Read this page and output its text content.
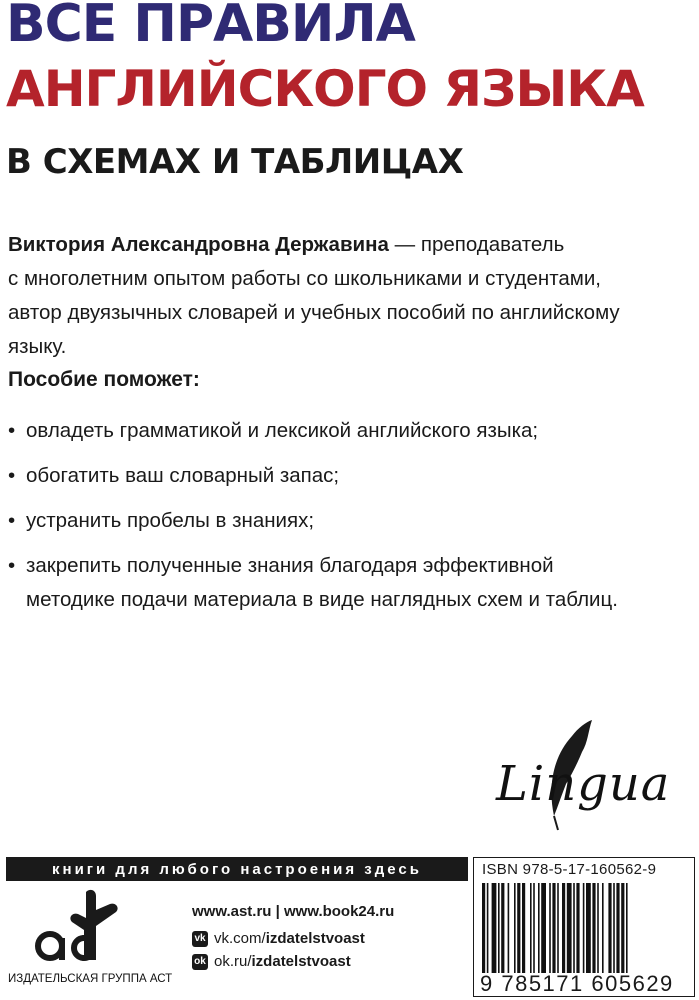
ВСЕ ПРАВИЛА
АНГЛИЙСКОГО ЯЗЫКА
В СХЕМАХ И ТАБЛИЦАХ
Виктория Александровна Державина — преподаватель
с многолетним опытом работы со школьниками и студентами,
автор двуязычных словарей и учебных пособий по английскому
языку.
Пособие поможет:
• овладеть грамматикой и лексикой английского языка;
• обогатить ваш словарный запас;
• устранить пробелы в знаниях;
• закрепить полученные знания благодаря эффективной
методике подачи материала в виде наглядных схем и таблиц.
Lingua
книги для любого настроения здесь
ИЗДАТЕЛЬСКАЯ ГРУППА АСТ
www.ast.ru | www.book24.ru
vk vk.com/ izdatelstvoast
ok ok.ru/ izdatelstvoast
ISBN 978-5-17-160562-9
9 785171 605629
